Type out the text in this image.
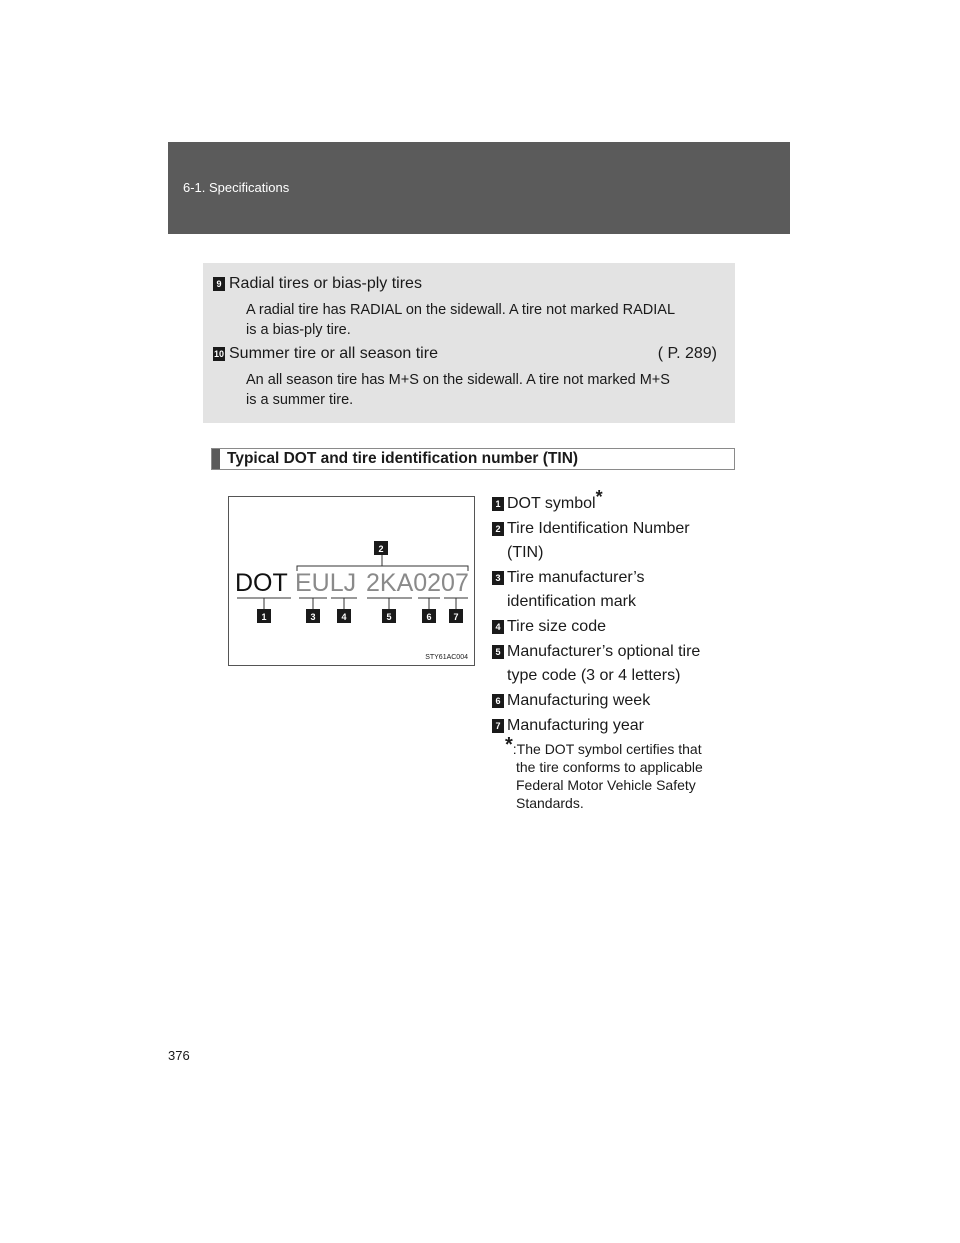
6-1. Specifications
9 Radial tires or bias-ply tires
A radial tire has RADIAL on the sidewall. A tire not marked RADIAL
is a bias-ply tire.
10 Summer tire or all season tire	( P. 289)
An all season tire has M+S on the sidewall. A tire not marked M+S
is a summer tire.
Typical DOT and tire identification number (TIN)
2
DOT EULJ 2KA0207
1	3	4	5	6 7
STY61AC004
1 DOT symbol*
2 Tire Identification Number
(TIN)
3 Tire manufacturer’s
identification mark
4 Tire size code
5 Manufacturer’s optional tire
type code (3 or 4 letters)
6 Manufacturing week
7 Manufacturing year
*:The DOT symbol certifies that
the tire conforms to applicable
Federal Motor Vehicle Safety
Standards.
376
